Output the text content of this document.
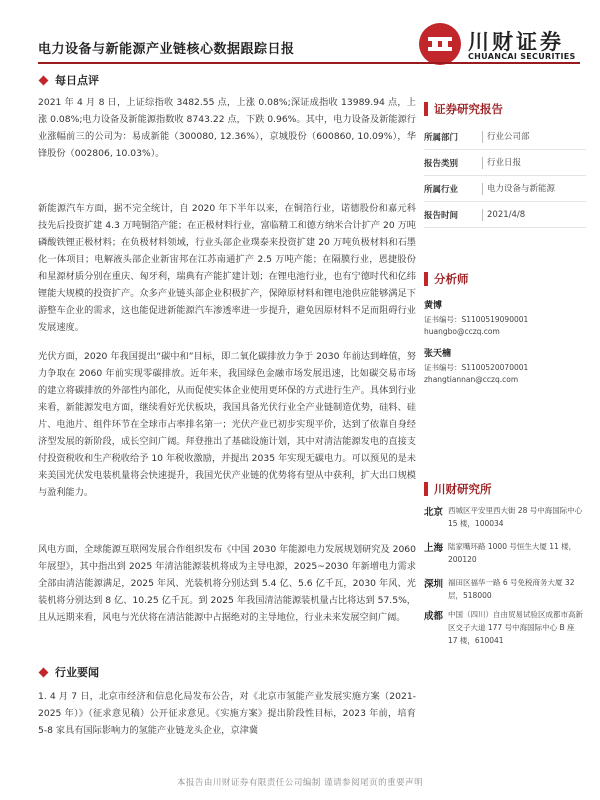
电力设备与新能源产业链核心数据跟踪日报	川财证券
CHUANCAI SECURITIES
每日点评

2021 年 4 月 8 日，上证综指收 3482.55 点，上涨 0.08%;深证成指收 13989.94 点，上涨 0.08%;电力设备及新能源指数收 8743.22 点，下跌 0.96%。其中，电力设备及新能源行业涨幅前三的公司为：易成新能（300080, 12.36%），京城股份（600860, 10.09%），华锋股份（002806, 10.03%）。

新能源汽车方面，据不完全统计，自 2020 年下半年以来，在铜箔行业，诺德股份和嘉元科技先后投资扩建 4.3 万吨铜箔产能；在正极材料行业，富临精工和德方纳米合计扩产 20 万吨磷酸铁锂正极材料；在负极材料领域，行业头部企业璞泰来投资扩建 20 万吨负极材料和石墨化一体项目；电解液头部企业新宙邦在江苏南通扩产 2.5 万吨产能；在隔膜行业，恩捷股份和星源材质分别在重庆、匈牙利，瑞典有产能扩建计划；在锂电池行业，也有宁德时代和亿纬锂能大规模的投资扩产。众多产业链头部企业积极扩产，保障原材料和锂电池供应能够满足下游整车企业的需求，这也能促进新能源汽车渗透率进一步提升，避免因原材料不足而阻碍行业发展速度。

光伏方面，2020 年我国提出“碳中和”目标，即二氧化碳排放力争于 2030 年前达到峰值，努力争取在 2060 年前实现零碳排放。近年来，我国绿色金融市场发展迅速，比如碳交易市场的建立将碳排放的外部性内部化，从而促使实体企业使用更环保的方式进行生产。具体到行业来看，新能源发电方面，继续看好光伏板块，我国具备光伏行业全产业链制造优势，硅料、硅片、电池片、组件环节在全球市占率排名第一；光伏产业已初步实现平价，达到了依靠自身经济型发展的新阶段，成长空间广阔。拜登推出了基础设施计划，其中对清洁能源发电的直接支付投资税收和生产税收给予 10 年税收激励，并提出 2035 年实现无碳电力。可以预见的是未来美国光伏发电装机量将会快速提升，我国光伏产业链的优势将有望从中获利，扩大出口规模与盈利能力。

风电方面，全球能源互联网发展合作组织发布《中国 2030 年能源电力发展规划研究及 2060 年展望》，其中指出到 2025 年清洁能源装机将成为主导电源，2025~2030 年新增电力需求全部由清洁能源满足，2025 年风、光装机将分别达到 5.4 亿、5.6 亿千瓦，2030 年风、光装机将分别达到 8 亿、10.25 亿千瓦。到 2025 年我国清洁能源装机量占比将达到 57.5%，且从远期来看，风电与光伏将在清洁能源中占据绝对的主导地位，行业未来发展空间广阔。

行业要闻

1. 4 月 7 日，北京市经济和信息化局发布公告，对《北京市氢能产业发展实施方案（2021-2025 年）》（征求意见稿）公开征求意见。《实施方案》提出阶段性目标，2023 年前，培育 5-8 家具有国际影响力的氢能产业链龙头企业，京津冀

证券研究报告
所属部门	行业公司部
报告类别	行业日报
所属行业	电力设备与新能源
报告时间	2021/4/8
分析师
黄博
证书编号：S1100519090001
huangbo@cczq.com
张天楠
证书编号：S1100520070001
zhangtiannan@cczq.com
川财研究所
北京 西城区平安里西大街 28 号中海国际中心 15 楼，100034
上海 陆家嘴环路 1000 号恒生大厦 11 楼，200120
深圳 福田区福华一路 6 号免税商务大厦 32 层，518000
成都 中国（四川）自由贸易试验区成都市高新区交子大道 177 号中海国际中心 B 座 17 楼，610041
本报告由川财证券有限责任公司编制 谨请参阅尾页的重要声明
